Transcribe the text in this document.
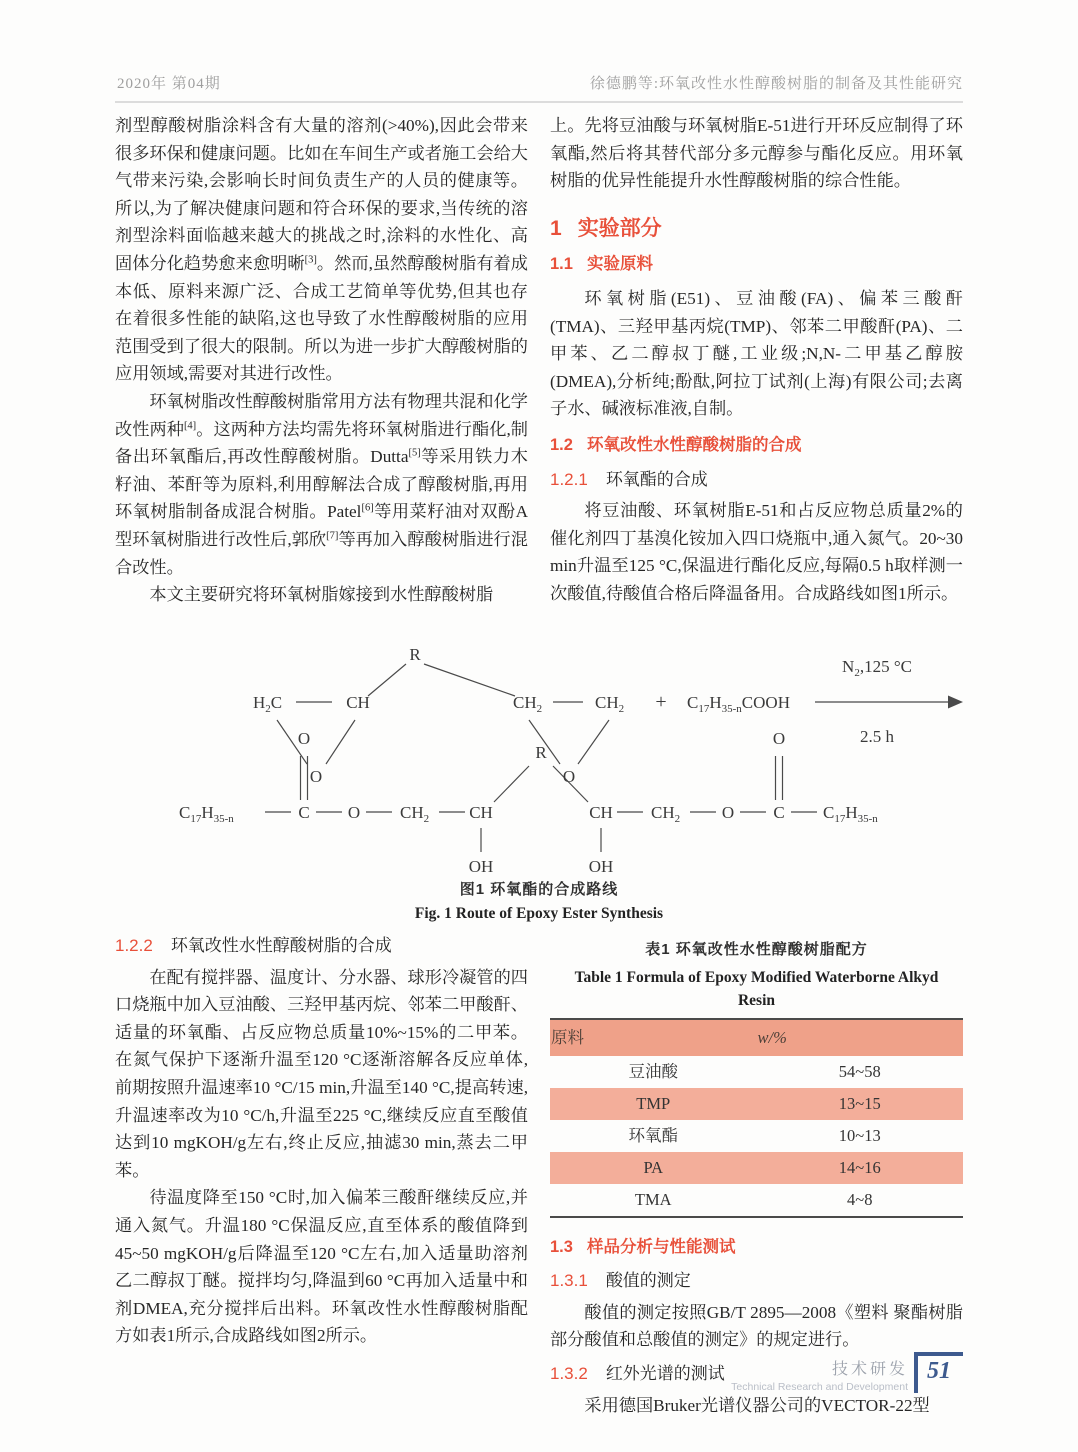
2020年 第04期	徐德鹏等:环氧改性水性醇酸树脂的制备及其性能研究

剂型醇酸树脂涂料含有大量的溶剂(>40%),因此会带来很多环保和健康问题。比如在车间生产或者施工会给大气带来污染,会影响长时间负责生产的人员的健康等。所以,为了解决健康问题和符合环保的要求,当传统的溶剂型涂料面临越来越大的挑战之时,涂料的水性化、高固体分化趋势愈来愈明晰[3]。然而,虽然醇酸树脂有着成本低、原料来源广泛、合成工艺简单等优势,但其也存在着很多性能的缺陷,这也导致了水性醇酸树脂的应用范围受到了很大的限制。所以为进一步扩大醇酸树脂的应用领域,需要对其进行改性。

环氧树脂改性醇酸树脂常用方法有物理共混和化学改性两种[4]。这两种方法均需先将环氧树脂进行酯化,制备出环氧酯后,再改性醇酸树脂。Dutta[5]等采用铁力木籽油、苯酐等为原料,利用醇解法合成了醇酸树脂,再用环氧树脂制备成混合树脂。Patel[6]等用菜籽油对双酚A型环氧树脂进行改性后,郭欣[7]等再加入醇酸树脂进行混合改性。

本文主要研究将环氧树脂嫁接到水性醇酸树脂

上。先将豆油酸与环氧树脂E-51进行开环反应制得了环氧酯,然后将其替代部分多元醇参与酯化反应。用环氧树脂的优异性能提升水性醇酸树脂的综合性能。

1 实验部分
1.1 实验原料

环氧树脂(E51)、豆油酸(FA)、偏苯三酸酐(TMA)、三羟甲基丙烷(TMP)、邻苯二甲酸酐(PA)、二甲苯、乙二醇叔丁醚,工业级;N,N-二甲基乙醇胺(DMEA),分析纯;酚酞,阿拉丁试剂(上海)有限公司;去离子水、碱液标准液,自制。

1.2 环氧改性水性醇酸树脂的合成
1.2.1 环氧酯的合成

将豆油酸、环氧树脂E-51和占反应物总质量2%的催化剂四丁基溴化铵加入四口烧瓶中,通入氮气。20~30 min升温至125 °C,保温进行酯化反应,每隔0.5 h取样测一次酸值,待酸值合格后降温备用。合成路线如图1所示。

$H_2C$	CH
R
O
$CH_2$	$CH_2$
O
+ $C_{17}H_{35-n}COOH$
$N_2,125$ °C
2.5 h
$C_{17}H_{35-n}$	C
O
O $CH_2$ CH
OH
R
CH
OH
$CH_2$ O C
O
$C_{17}H_{35-n}$
图1 环氧酯的合成路线
Fig. 1 Route of Epoxy Ester Synthesis
1.2.2 环氧改性水性醇酸树脂的合成

在配有搅拌器、温度计、分水器、球形冷凝管的四口烧瓶中加入豆油酸、三羟甲基丙烷、邻苯二甲酸酐、适量的环氧酯、占反应物总质量10%~15%的二甲苯。在氮气保护下逐渐升温至120 °C逐渐溶解各反应单体,前期按照升温速率10 °C/15 min,升温至140 °C,提高转速,升温速率改为10 °C/h,升温至225 °C,继续反应直至酸值达到10 mgKOH/g左右,终止反应,抽滤30 min,蒸去二甲苯。

待温度降至150 °C时,加入偏苯三酸酐继续反应,并通入氮气。升温180 °C保温反应,直至体系的酸值降到45~50 mgKOH/g后降温至120 °C左右,加入适量助溶剂乙二醇叔丁醚。搅拌均匀,降温到60 °C再加入适量中和剂DMEA,充分搅拌后出料。环氧改性水性醇酸树脂配方如表1所示,合成路线如图2所示。

表1 环氧改性水性醇酸树脂配方
Table 1 Formula of Epoxy Modified Waterborne Alkyd
Resin
原料	w/%
豆油酸	54~58
TMP	13~15
环氧酯	10~13
PA	14~16
TMA	4~8
1.3 样品分析与性能测试
1.3.1 酸值的测定

酸值的测定按照GB/T 2895—2008《塑料 聚酯树脂 部分酸值和总酸值的测定》的规定进行。

1.3.2 红外光谱的测试

采用德国Bruker光谱仪器公司的VECTOR-22型

技术研发
Technical Research and Development
51
